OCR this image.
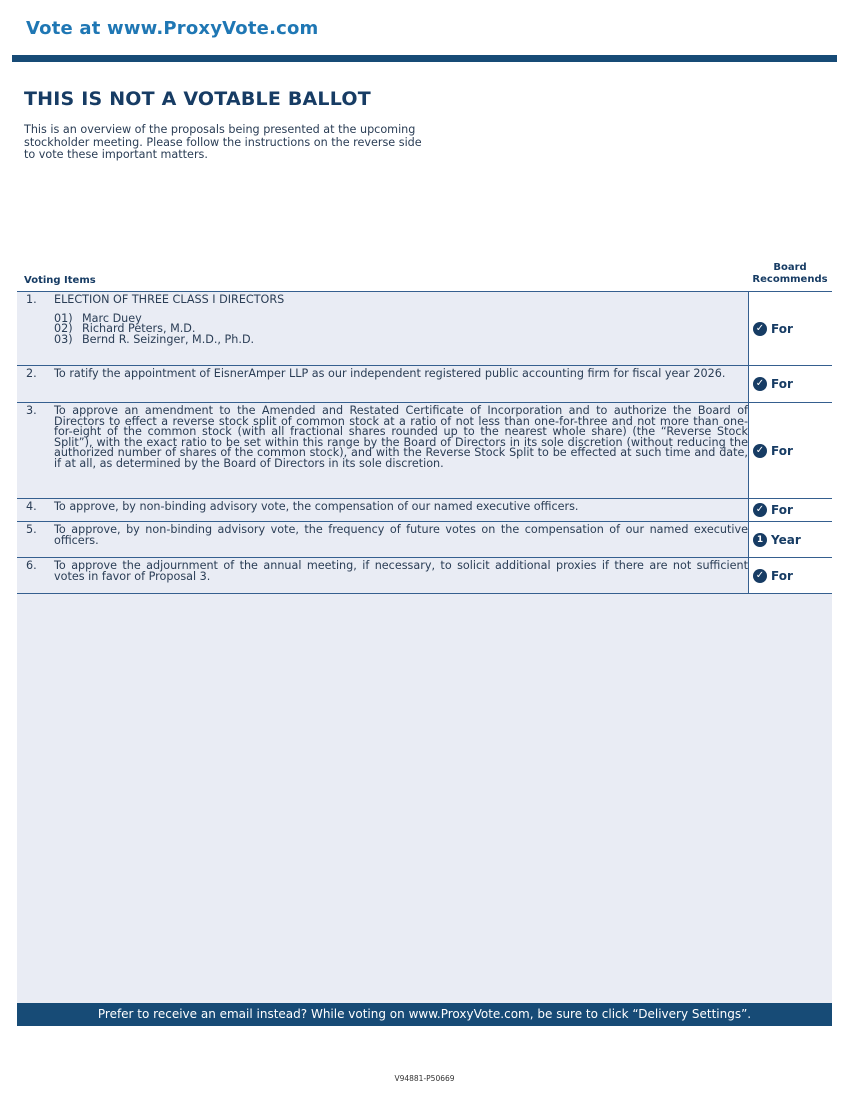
Vote at www.ProxyVote.com
THIS IS NOT A VOTABLE BALLOT
This is an overview of the proposals being presented at the upcoming stockholder meeting. Please follow the instructions on the reverse side to vote these important matters.
Voting Items
Board Recommends
1.	ELECTION OF THREE CLASS I DIRECTORS
01) Marc Duey
02) Richard Peters, M.D.
03) Bernd R. Seizinger, M.D., Ph.D.
✓ For
2.	To ratify the appointment of EisnerAmper LLP as our independent registered public accounting firm for fiscal year 2026.
✓ For
3.	To approve an amendment to the Amended and Restated Certificate of Incorporation and to authorize the Board of Directors to effect a reverse stock split of common stock at a ratio of not less than one-for-three and not more than one-for-eight of the common stock (with all fractional shares rounded up to the nearest whole share) (the “Reverse Stock Split”), with the exact ratio to be set within this range by the Board of Directors in its sole discretion (without reducing the authorized number of shares of the common stock), and with the Reverse Stock Split to be effected at such time and date, if at all, as determined by the Board of Directors in its sole discretion.
✓ For
4.	To approve, by non-binding advisory vote, the compensation of our named executive officers.	✓ For
5.	To approve, by non-binding advisory vote, the frequency of future votes on the compensation of our named executive officers.	1 Year
6.	To approve the adjournment of the annual meeting, if necessary, to solicit additional proxies if there are not sufficient votes in favor of Proposal 3.	✓ For
Prefer to receive an email instead? While voting on www.ProxyVote.com, be sure to click “Delivery Settings”.
V94881-P50669
